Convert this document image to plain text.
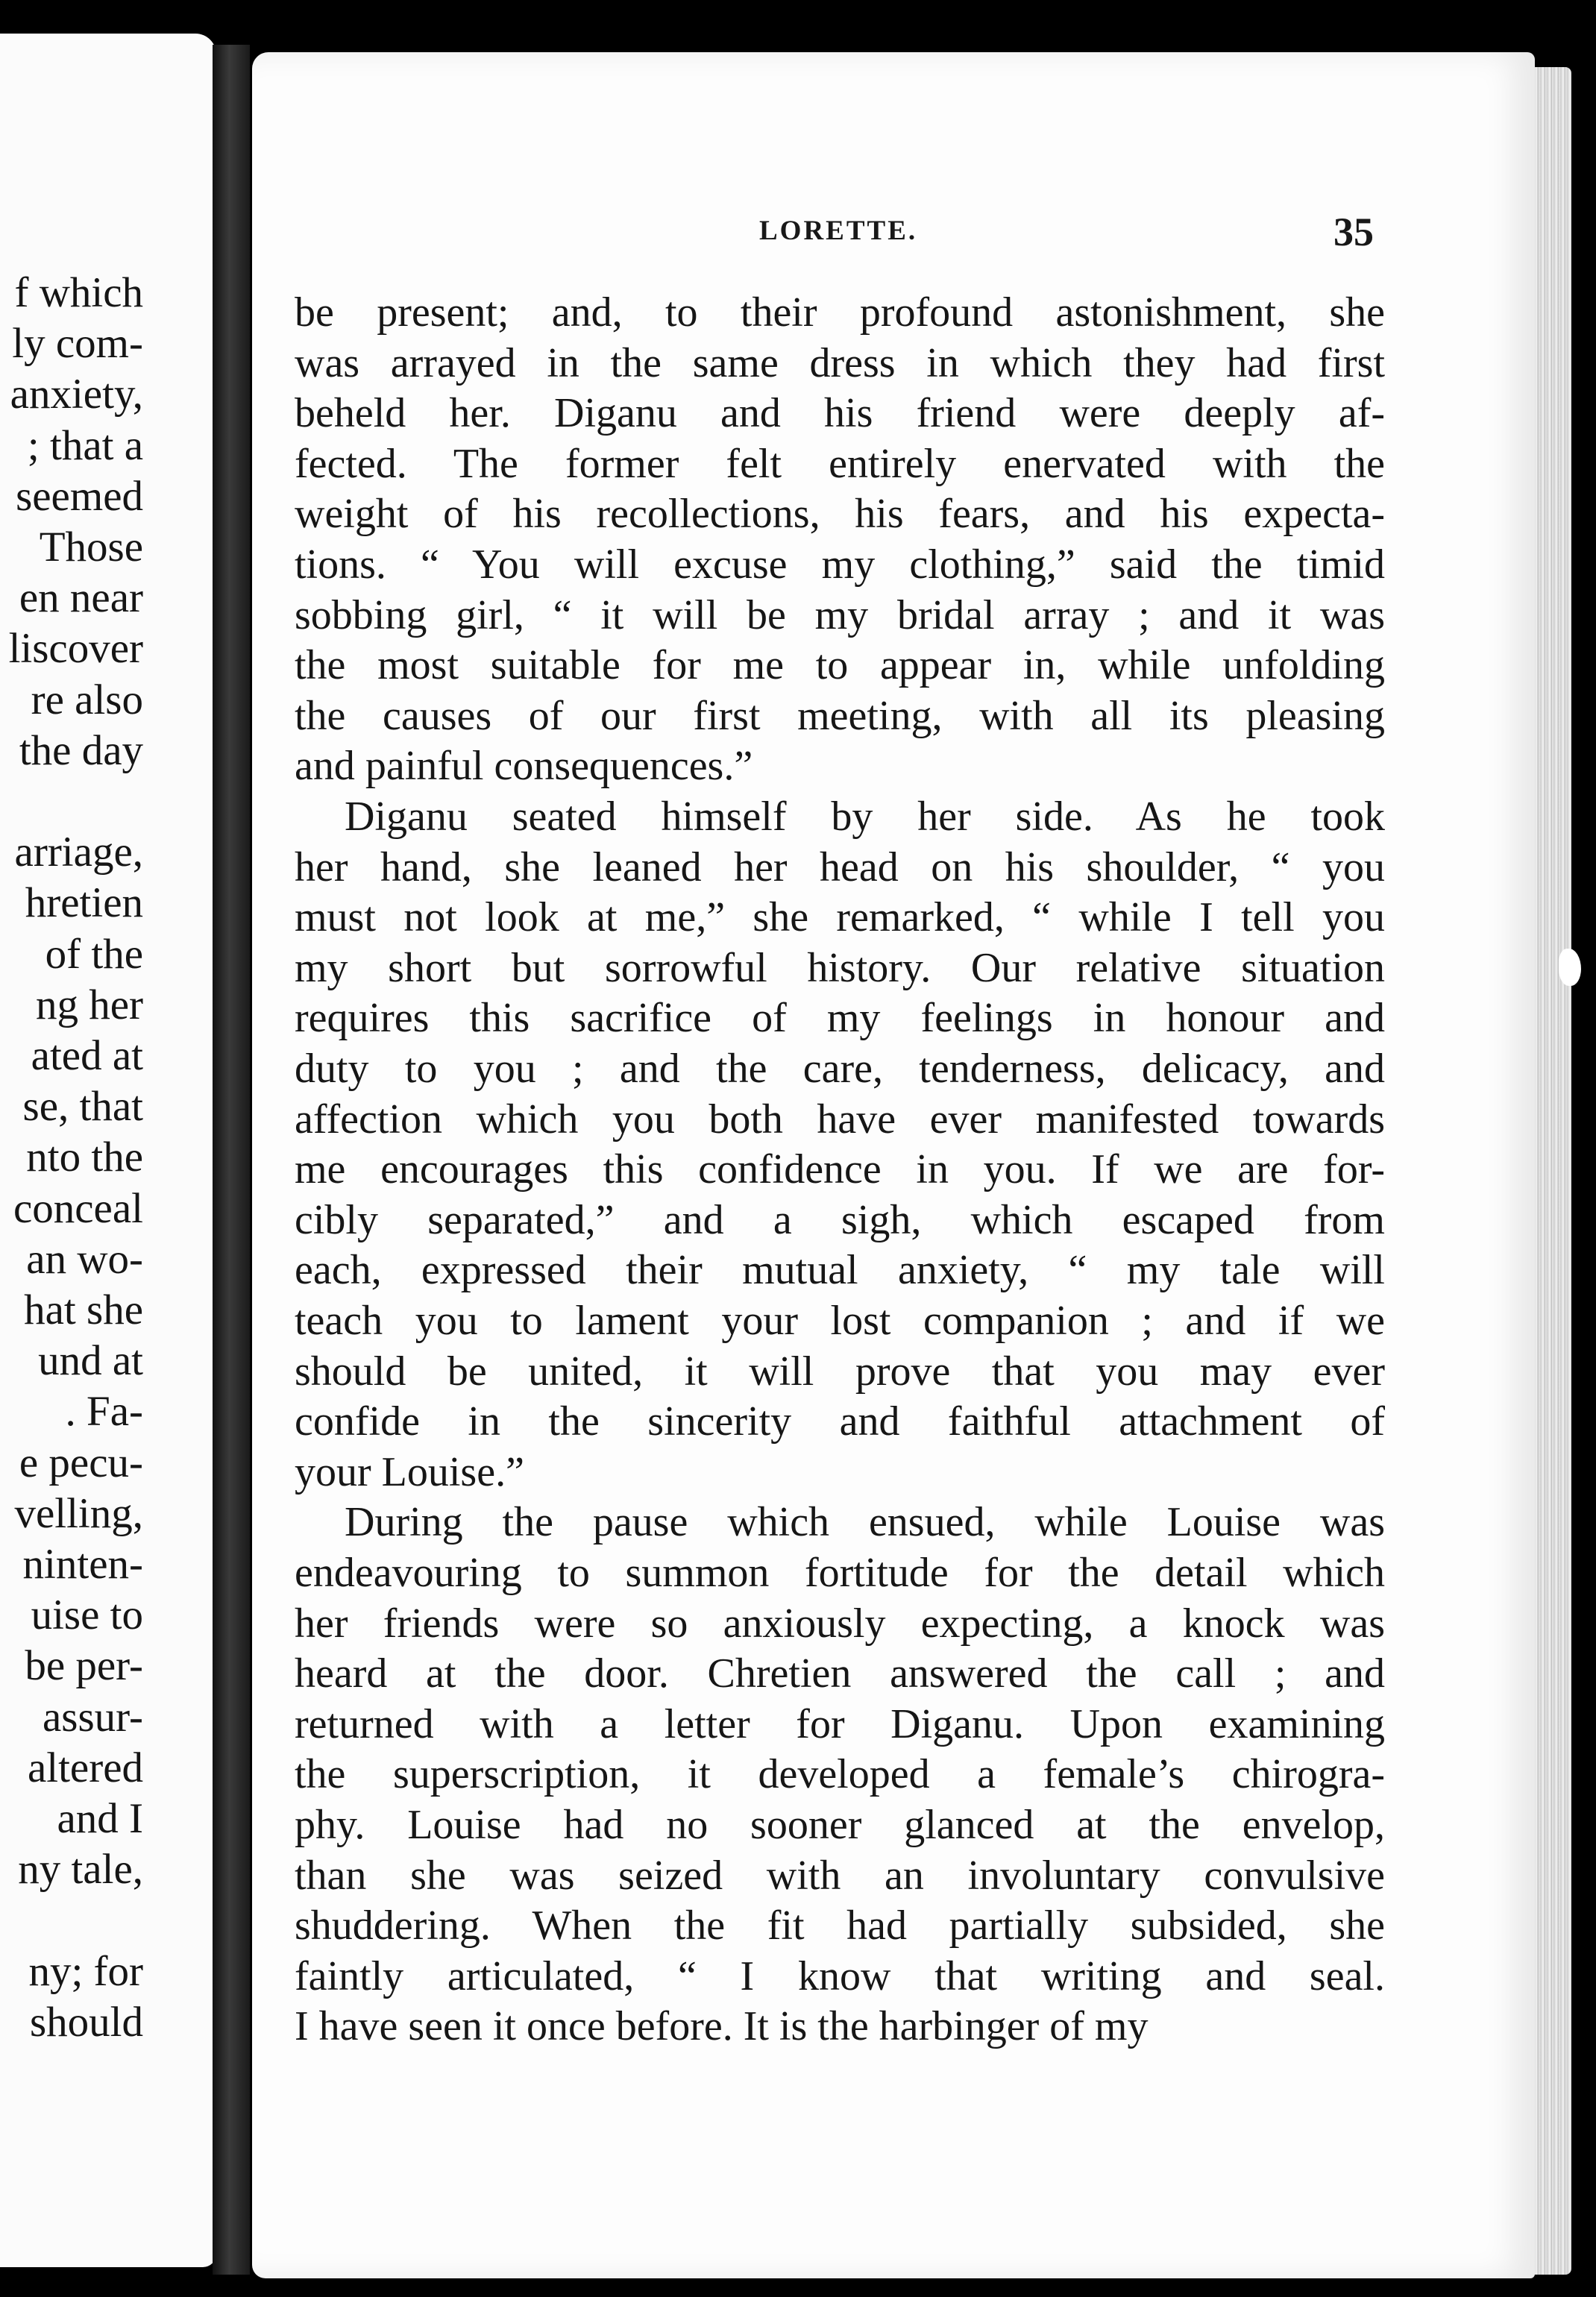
f which
ly com-
anxiety,
; that a
seemed
Those
en near
liscover
re also
the day
arriage,
hretien
of the
ng her
ated at
se, that
nto the
conceal
an wo-
hat she
und at
. Fa-
e pecu-
velling,
ninten-
uise to
be per-
assur-
altered
and I
ny tale,
ny; for
should
LORETTE.	35
be present; and, to their profound astonishment, she
was arrayed in the same dress in which they had first
beheld her. Diganu and his friend were deeply af-
fected. The former felt entirely enervated with the
weight of his recollections, his fears, and his expecta-
tions. “ You will excuse my clothing,” said the timid
sobbing girl, “ it will be my bridal array ; and it was
the most suitable for me to appear in, while unfolding
the causes of our first meeting, with all its pleasing
and painful consequences.”
Diganu seated himself by her side. As he took
her hand, she leaned her head on his shoulder, “ you
must not look at me,” she remarked, “ while I tell you
my short but sorrowful history. Our relative situation
requires this sacrifice of my feelings in honour and
duty to you ; and the care, tenderness, delicacy, and
affection which you both have ever manifested towards
me encourages this confidence in you. If we are for-
cibly separated,” and a sigh, which escaped from
each, expressed their mutual anxiety, “ my tale will
teach you to lament your lost companion ; and if we
should be united, it will prove that you may ever
confide in the sincerity and faithful attachment of
your Louise.”
During the pause which ensued, while Louise was
endeavouring to summon fortitude for the detail which
her friends were so anxiously expecting, a knock was
heard at the door. Chretien answered the call ; and
returned with a letter for Diganu. Upon examining
the superscription, it developed a female’s chirogra-
phy. Louise had no sooner glanced at the envelop,
than she was seized with an involuntary convulsive
shuddering. When the fit had partially subsided, she
faintly articulated, “ I know that writing and seal.
I have seen it once before. It is the harbinger of my
